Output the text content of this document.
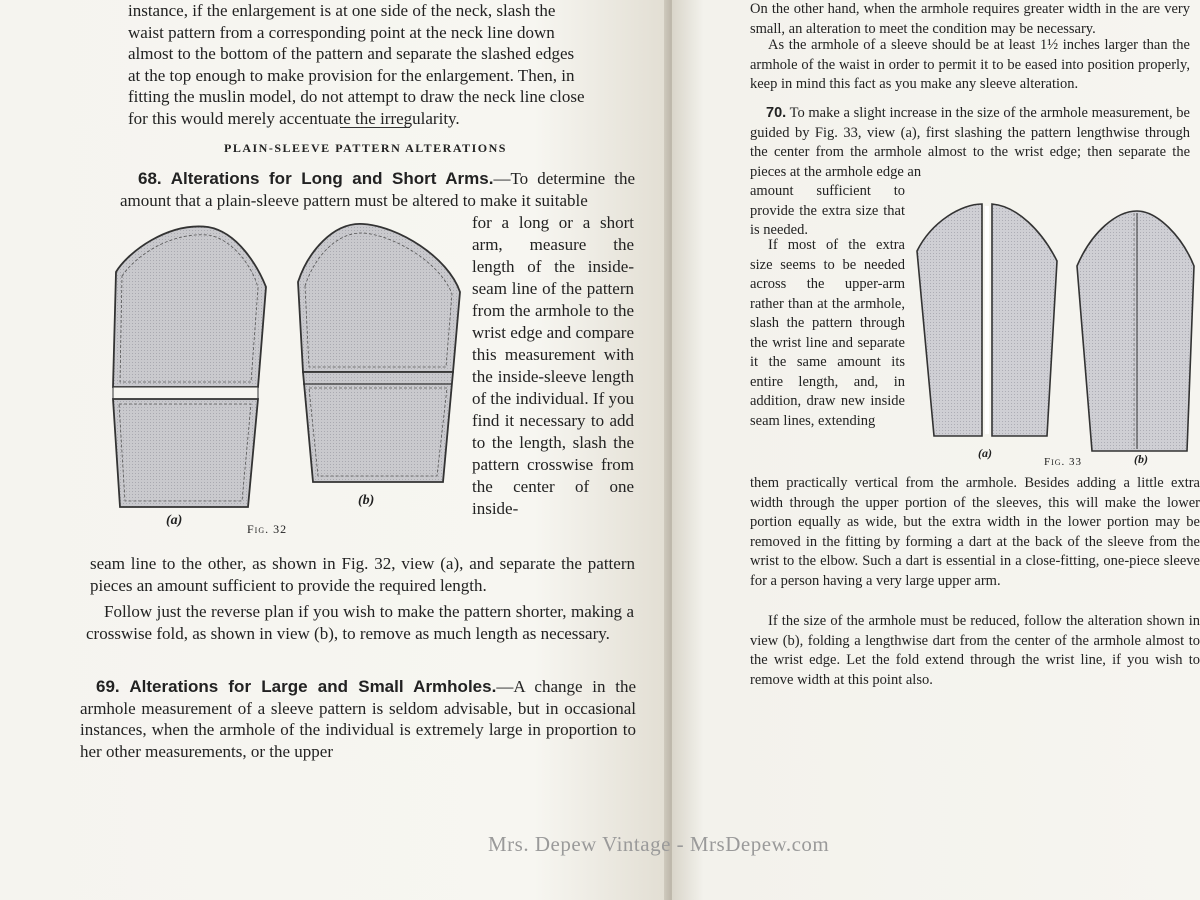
instance, if the enlargement is at one side of the neck, slash the

waist pattern from a corresponding point at the neck line down

almost to the bottom of the pattern and separate the slashed edges

at the top enough to make provision for the enlargement. Then, in

fitting the muslin model, do not attempt to draw the neck line close

for this would merely accentuate the irregularity.

PLAIN-SLEEVE PATTERN ALTERATIONS
68. Alterations for Long and Short Arms.—To determine the amount that a plain-sleeve pattern must be altered to make it suitable
for a long or a short arm, measure the length of the inside-seam line of the pattern from the armhole to the wrist edge and compare this measurement with the inside-sleeve length of the individual. If you find it necessary to add to the length, slash the pattern crosswise from the center of one inside-
(a)
Fig. 32
(b)
seam line to the other, as shown in Fig. 32, view (a), and separate the pattern pieces an amount sufficient to provide the required length.
Follow just the reverse plan if you wish to make the pattern shorter, making a crosswise fold, as shown in view (b), to remove as much length as necessary.
69. Alterations for Large and Small Armholes.—A change in the armhole measurement of a sleeve pattern is seldom advisable, but in occasional instances, when the armhole of the individual is extremely large in proportion to her other measurements, or the upper
On the other hand, when the armhole requires greater width in the are very small, an alteration to meet the condition may be necessary.
As the armhole of a sleeve should be at least 1½ inches larger than the armhole of the waist in order to permit it to be eased into position properly, keep in mind this fact as you make any sleeve alteration.
70. To make a slight increase in the size of the armhole measurement, be guided by Fig. 33, view (a), first slashing the pattern lengthwise through the center from the armhole almost to the wrist edge; then separate the pieces at the armhole edge an
amount sufficient to provide the extra size that is needed.
If most of the extra size seems to be needed across the upper-arm rather than at the armhole, slash the pattern through the wrist line and separate it the same amount its entire length, and, in addition, draw new inside seam lines, extending
(a)
Fig. 33	(b)
them practically vertical from the armhole. Besides adding a little extra width through the upper portion of the sleeves, this will make the lower portion equally as wide, but the extra width in the lower portion may be removed in the fitting by forming a dart at the back of the sleeve from the wrist to the elbow. Such a dart is essential in a close-fitting, one-piece sleeve for a person having a very large upper arm.
If the size of the armhole must be reduced, follow the alteration shown in view (b), folding a lengthwise dart from the center of the armhole almost to the wrist edge. Let the fold extend through the wrist line, if you wish to remove width at this point also.
Mrs. Depew Vintage - MrsDepew.com
